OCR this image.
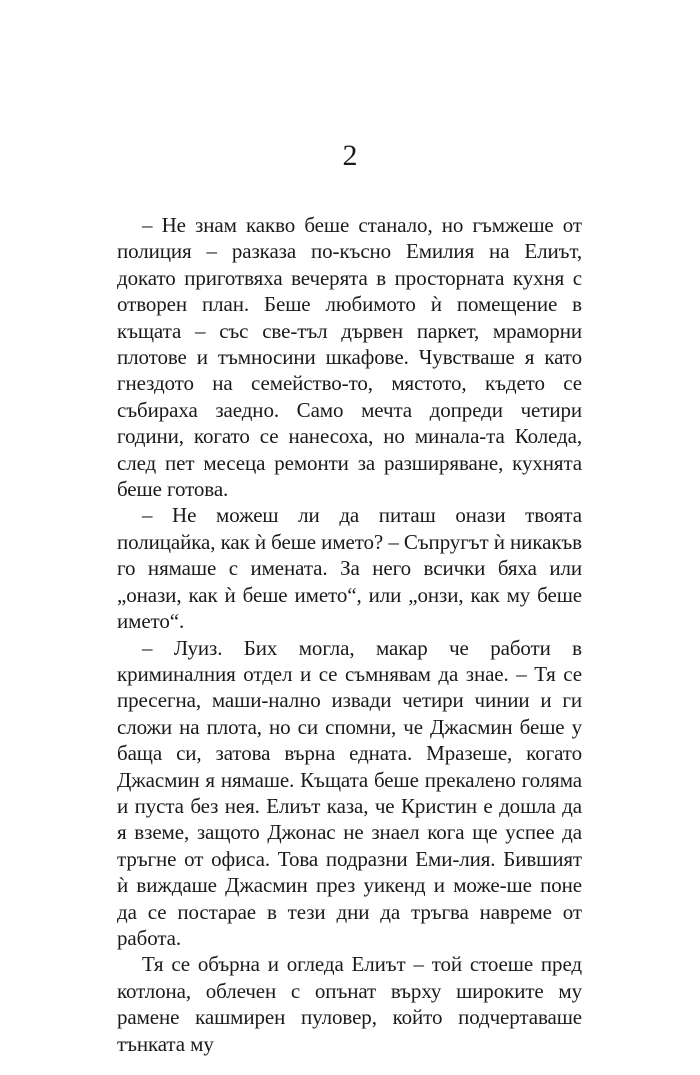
2

– Не знам какво беше станало, но гъмжеше от полиция – разказа по-късно Емилия на Елиът, докато приготвяха вечерята в просторната кухня с отворен план. Беше любимото ѝ помещение в къщата – със све-тъл дървен паркет, мраморни плотове и тъмносини шкафове. Чувстваше я като гнездото на семейство-то, мястото, където се събираха заедно. Само мечта допреди четири години, когато се нанесоха, но минала-та Коледа, след пет месеца ремонти за разширяване, кухнята беше готова.

– Не можеш ли да питаш онази твоята полицайка, как ѝ беше името? – Съпругът ѝ никакъв го нямаше с имената. За него всички бяха или „онази, как ѝ беше името“, или „онзи, как му беше името“.

– Луиз. Бих могла, макар че работи в криминалния отдел и се съмнявам да знае. – Тя се пресегна, маши-нално извади четири чинии и ги сложи на плота, но си спомни, че Джасмин беше у баща си, затова върна едната. Мразеше, когато Джасмин я нямаше. Къщата беше прекалено голяма и пуста без нея. Елиът каза, че Кристин е дошла да я вземе, защото Джонас не знаел кога ще успее да тръгне от офиса. Това подразни Еми-лия. Бившият ѝ виждаше Джасмин през уикенд и може-ше поне да се постарае в тези дни да тръгва навреме от работа.

Тя се обърна и огледа Елиът – той стоеше пред котлона, облечен с опънат върху широките му рамене кашмирен пуловер, който подчертаваше тънката му
